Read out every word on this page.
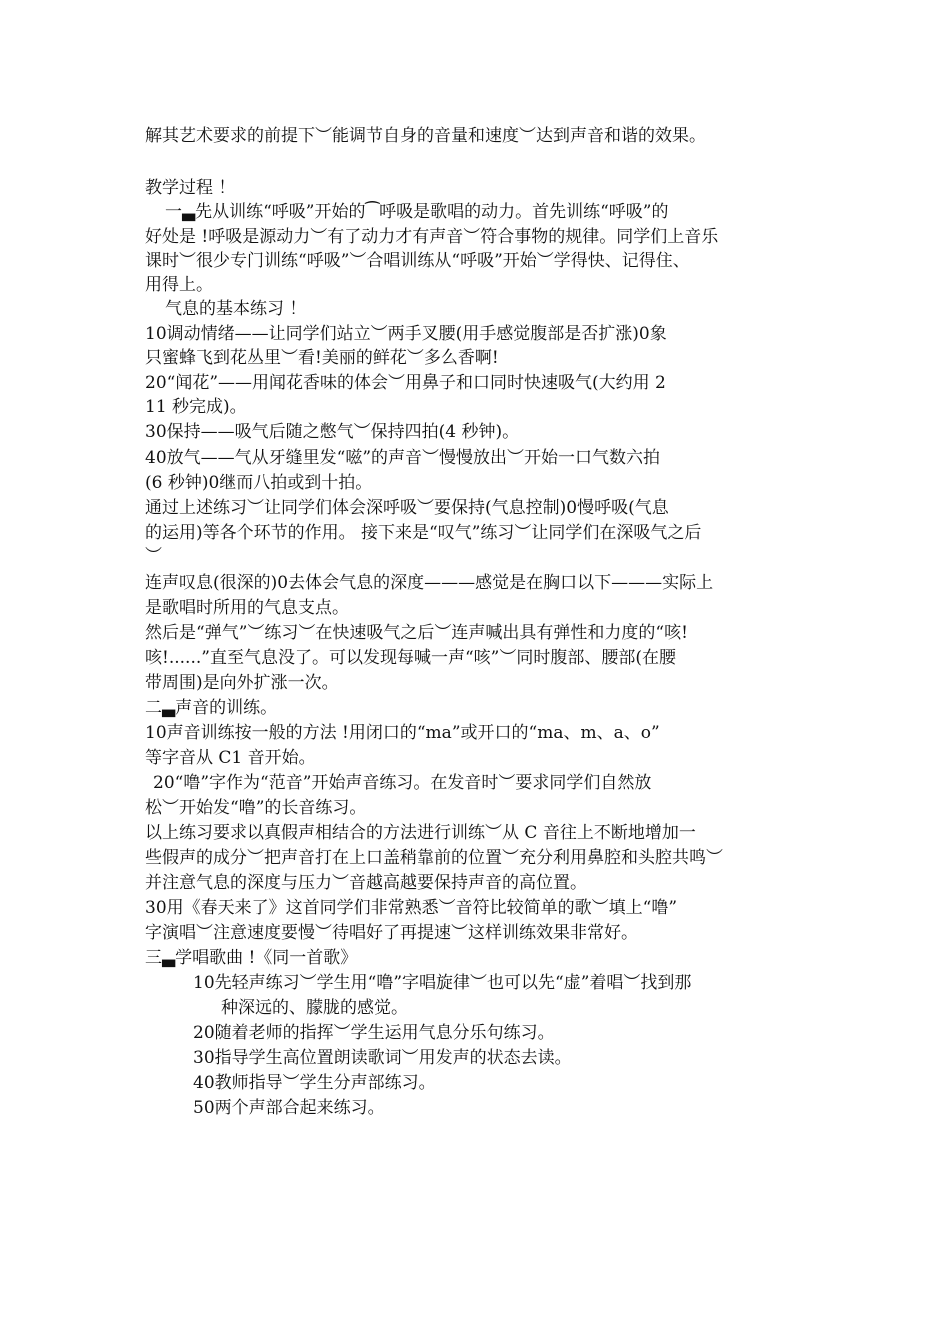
解其艺术要求的前提下︶能调节自身的音量和速度︶达到声音和谐的效果。
教学过程 ！
一▃先从训练“呼吸”开始的⁀呼吸是歌唱的动力。首先训练“呼吸”的
好处是 !呼吸是源动力︶有了动力才有声音︶符合事物的规律。同学们上音乐
课时︶很少专门训练“呼吸”︶合唱训练从“呼吸”开始︶学得快、记得住、
用得上。
气息的基本练习 ！
10调动情绪——让同学们站立︶两手叉腰(用手感觉腹部是否扩涨)0象
只蜜蜂飞到花丛里︶看!美丽的鲜花︶多么香啊!
20“闻花”——用闻花香味的体会︶用鼻子和口同时快速吸气(大约用 2
11 秒完成)。
30保持——吸气后随之憋气︶保持四拍(4 秒钟)。
40放气——气从牙缝里发“嗞”的声音︶慢慢放出︶开始一口气数六拍
(6 秒钟)0继而八拍或到十拍。
通过上述练习︶让同学们体会深呼吸︶要保持(气息控制)0慢呼吸(气息
的运用)等各个环节的作用。 接下来是“叹气”练习︶让同学们在深吸气之后
︶
连声叹息(很深的)0去体会气息的深度———感觉是在胸口以下———实际上
是歌唱时所用的气息支点。
然后是“弹气”︶练习︶在快速吸气之后︶连声喊出具有弹性和力度的“咳!
咳!......”直至气息没了。可以发现每喊一声“咳”︶同时腹部、腰部(在腰
带周围)是向外扩涨一次。
二▃声音的训练。
10声音训练按一般的方法 !用闭口的“ma”或开口的“ma、m、a、o”
等字音从 C1 音开始。
20“噜”字作为“范音”开始声音练习。在发音时︶要求同学们自然放
松︶开始发“噜”的长音练习。
以上练习要求以真假声相结合的方法进行训练︶从 C 音往上不断地增加一
些假声的成分︶把声音打在上口盖稍靠前的位置︶充分利用鼻腔和头腔共鸣︶
并注意气息的深度与压力︶音越高越要保持声音的高位置。
30用《春天来了》这首同学们非常熟悉︶音符比较简单的歌︶填上“噜”
字演唱︶注意速度要慢︶待唱好了再提速︶这样训练效果非常好。
三▃学唱歌曲 !《同一首歌》
10先轻声练习︶学生用“噜”字唱旋律︶也可以先“虚”着唱︶找到那
种深远的、朦胧的感觉。
20随着老师的指挥︶学生运用气息分乐句练习。
30指导学生高位置朗读歌词︶用发声的状态去读。
40教师指导︶学生分声部练习。
50两个声部合起来练习。
